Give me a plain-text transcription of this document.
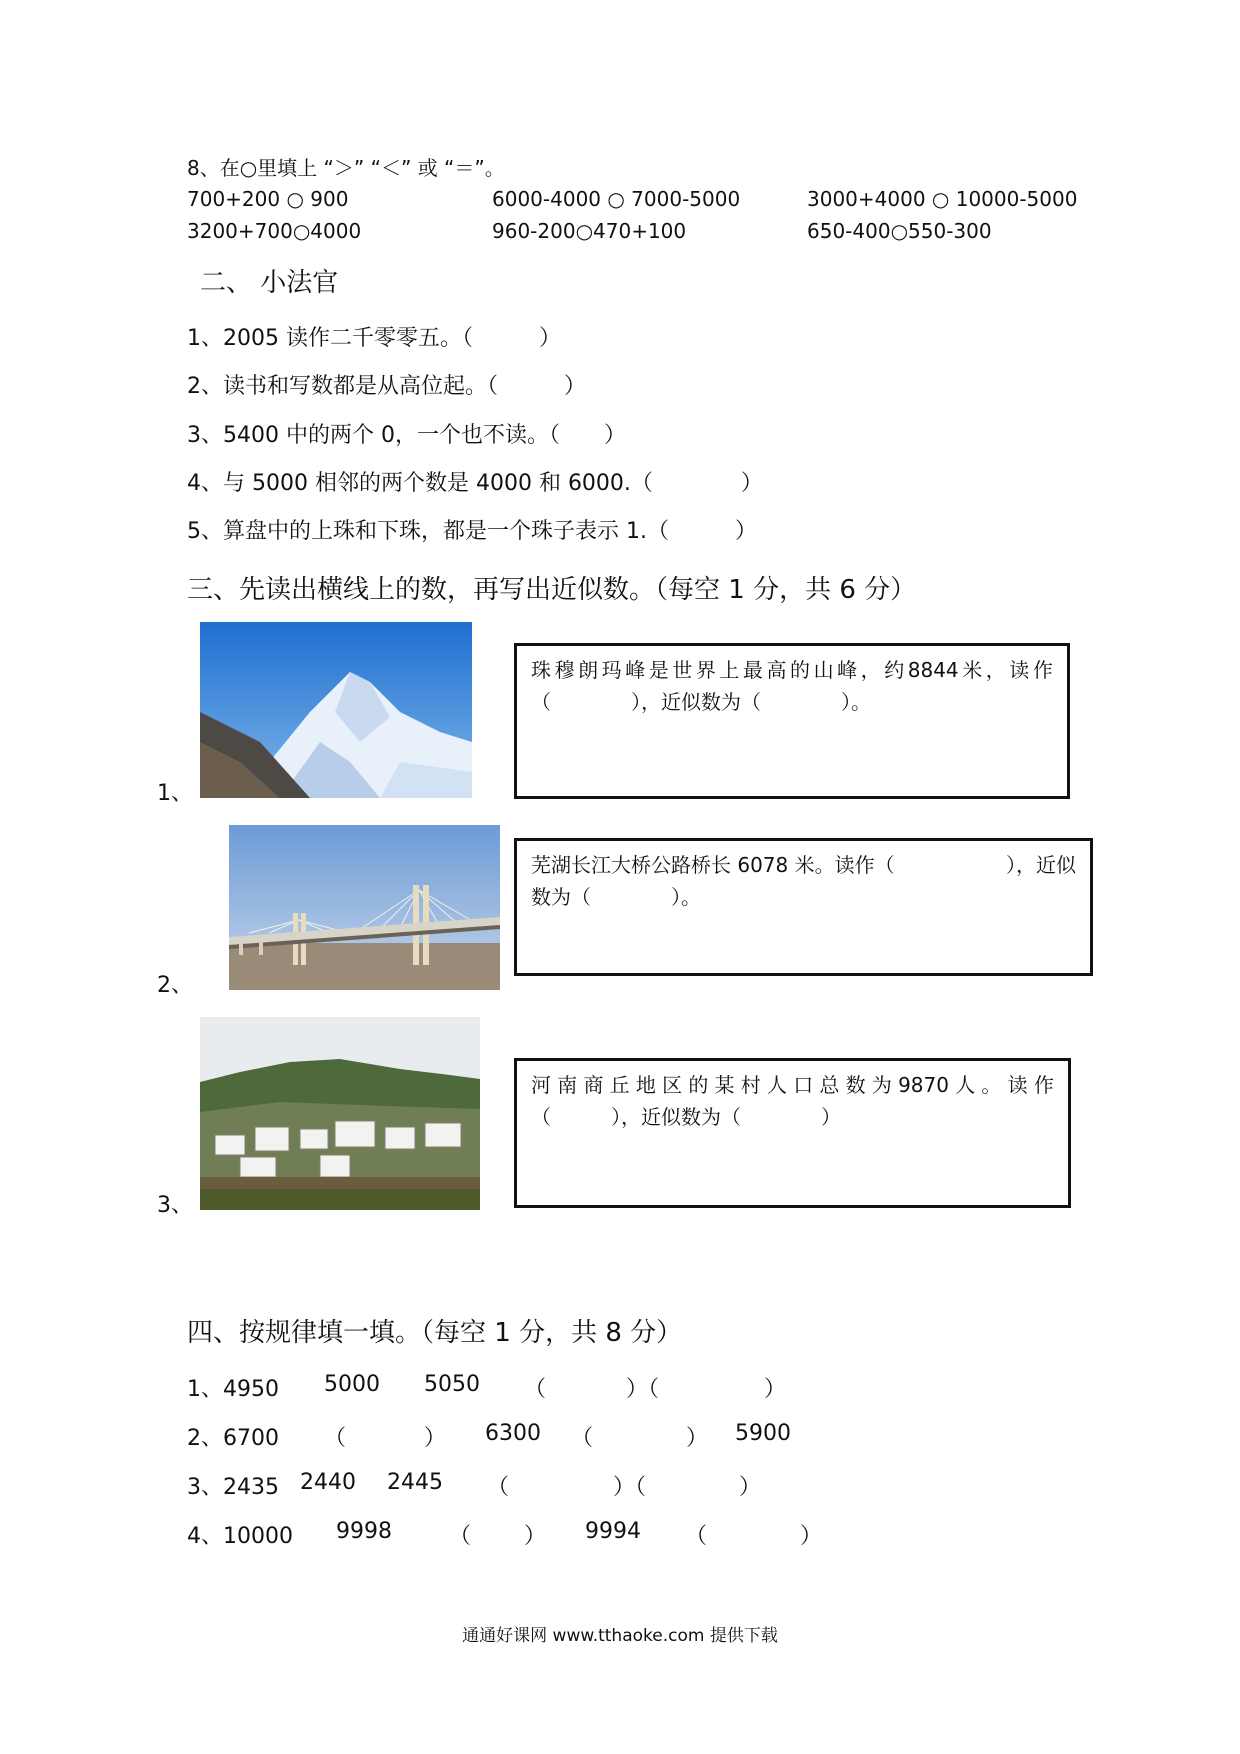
8、在○里填上 “＞” “＜” 或 “＝”。
700+200 ○ 900	6000-4000 ○ 7000-5000	3000+4000 ○ 10000-5000
3200+700○4000	960-200○470+100	650-400○550-300
二、 小法官
1、2005 读作二千零零五。（　　　）
2、读书和写数都是从高位起。（　　　）
3、5400 中的两个 0，一个也不读。（　　）
4、与 5000 相邻的两个数是 4000 和 6000.（　　　　）
5、算盘中的上珠和下珠，都是一个珠子表示 1.（　　　）
三、先读出横线上的数，再写出近似数。（每空 1 分，共 6 分）
1、
珠 穆 朗 玛 峰 是 世 界 上 最 高 的 山 峰 ， 约 8844 米 ， 读 作
（　　　　），近似数为（　　　　）。
2、
芜湖长江大桥公路桥长 6078 米。读作（	），近似
数为（　　　　）。
3、
河 南 商 丘 地 区 的 某 村 人 口 总 数 为 9870 人 。 读 作
（　　　），近似数为（　　　　）
四、按规律填一填。（每空 1 分，共 8 分）
1、4950 5000 5050 （	）（	）
2、6700 （	） 6300 （	） 5900
3、2435 2440 2445 （	）（	）
4、10000 9998	（ ） 9994 （	）
通通好课网 www.tthaoke.com 提供下载
